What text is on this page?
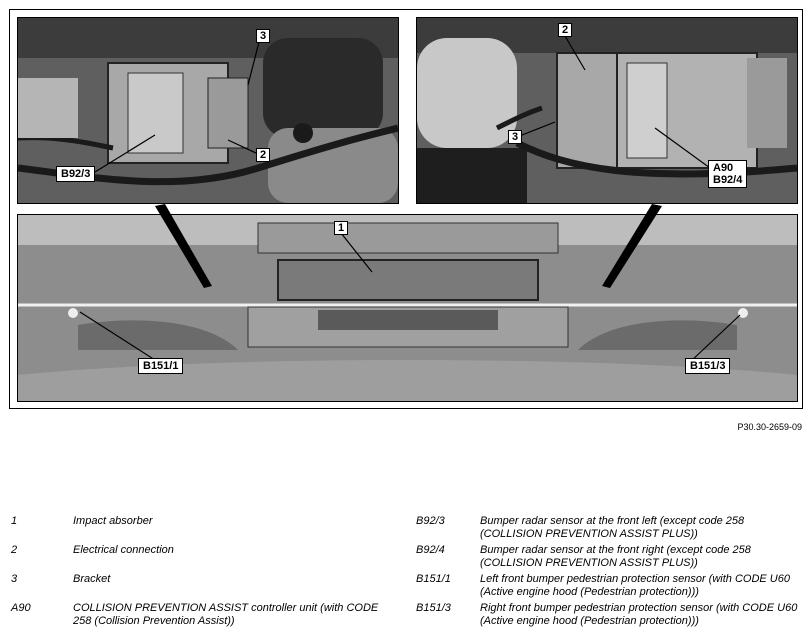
3
2
B92/3
2
3
A90
B92/4
1
B151/1	B151/3
P30.30-2659-09
1	Impact absorber
2	Electrical connection
3	Bracket
A90	COLLISION PREVENTION ASSIST controller unit (with CODE 258 (Collision Prevention Assist))
B92/3	Bumper radar sensor at the front left (except code 258 (COLLISION PREVENTION ASSIST PLUS))
B92/4	Bumper radar sensor at the front right (except code 258 (COLLISION PREVENTION ASSIST PLUS))
B151/1	Left front bumper pedestrian protection sensor (with CODE U60 (Active engine hood (Pedestrian protection)))
B151/3	Right front bumper pedestrian protection sensor (with CODE U60 (Active engine hood (Pedestrian protection)))
